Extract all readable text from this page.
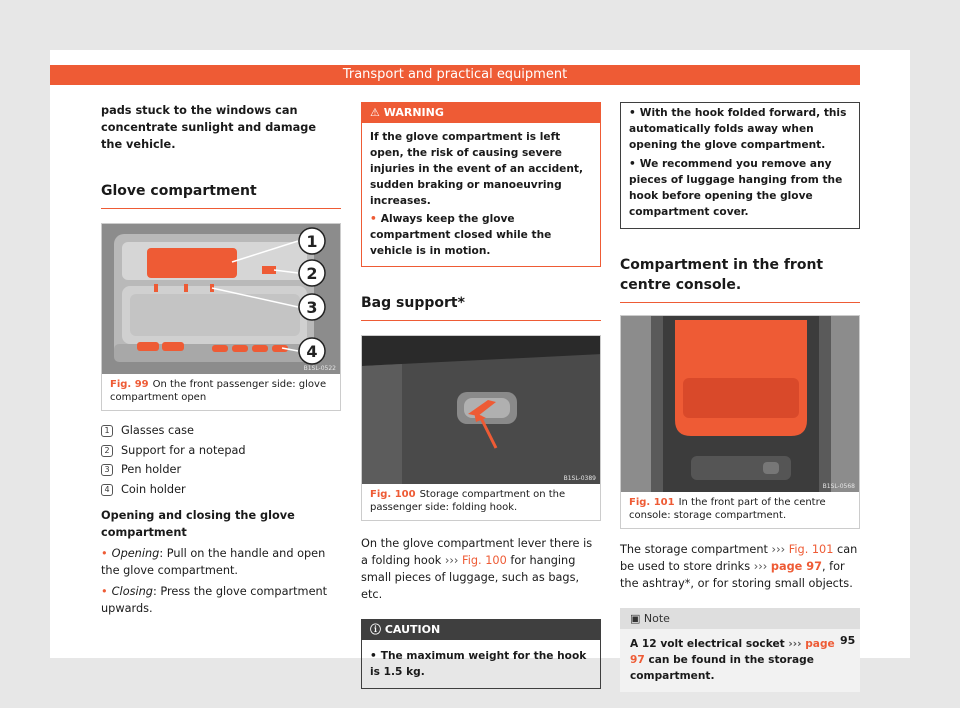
Transport and practical equipment

pads stuck to the windows can concentrate sunlight and damage the vehicle.

Glove compartment
1
2
3
4
B1SL-0522
Fig. 99 On the front passenger side: glove compartment open
1	Glasses case
2	Support for a notepad
3	Pen holder
4	Coin holder

Opening and closing the glove compartment

• Opening: Pull on the handle and open the glove compartment.

• Closing: Press the glove compartment upwards.

⚠ WARNING

If the glove compartment is left open, the risk of causing severe injuries in the event of an accident, sudden braking or manoeuvring increases.

• Always keep the glove compartment closed while the vehicle is in motion.

Bag support*
B1SL-0389
Fig. 100 Storage compartment on the passenger side: folding hook.

On the glove compartment lever there is a folding hook ››› Fig. 100 for hanging small pieces of luggage, such as bags, etc.

ⓘ CAUTION

• The maximum weight for the hook is 1.5 kg.

• With the hook folded forward, this automatically folds away when opening the glove compartment.

• We recommend you remove any pieces of luggage hanging from the hook before opening the glove compartment cover.

Compartment in the front centre console.
B1SL-0568
Fig. 101 In the front part of the centre console: storage compartment.

The storage compartment ››› Fig. 101 can be used to store drinks ››› page 97, for the ashtray*, or for storing small objects.

▣ Note

A 12 volt electrical socket ››› page 97 can be found in the storage compartment.

95
